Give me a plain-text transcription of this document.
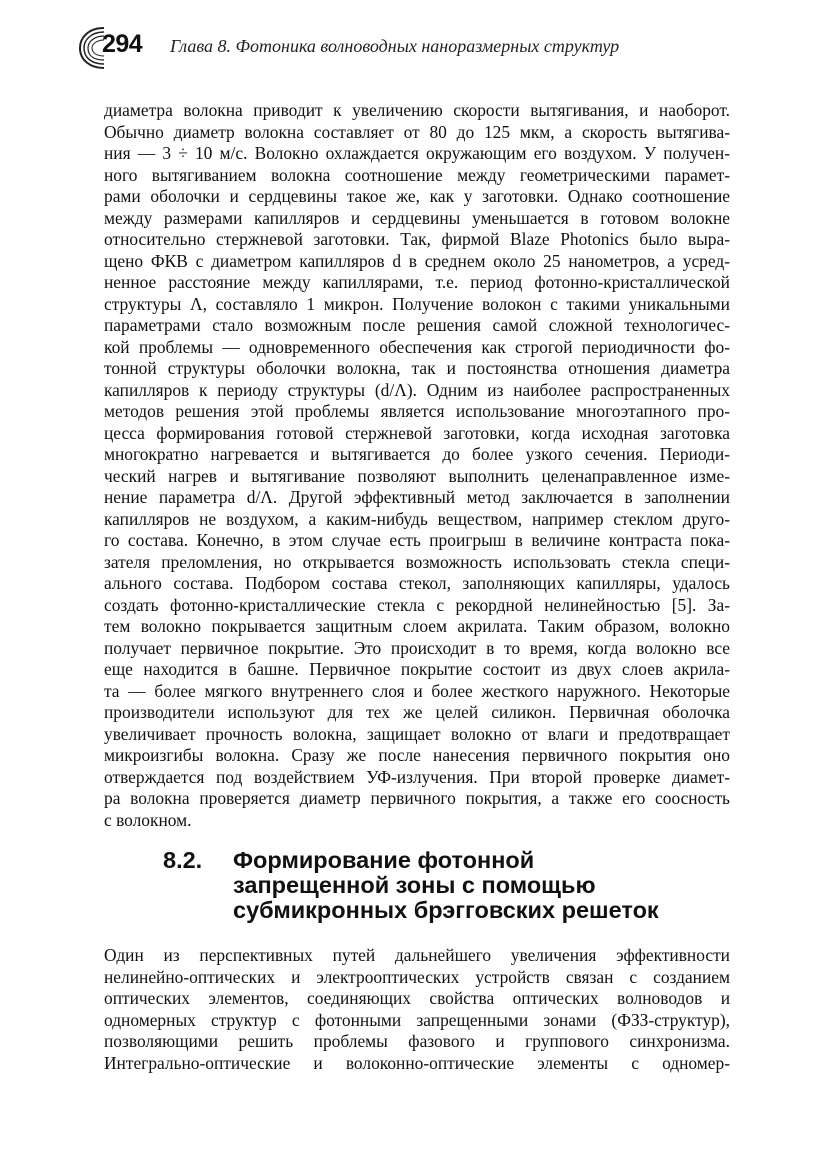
294 Глава 8. Фотоника волноводных наноразмерных структур
диаметра волокна приводит к увеличению скорости вытягивания, и наоборот.
Обычно диаметр волокна составляет от 80 до 125 мкм, а скорость вытягива-
ния — 3 ÷ 10 м/с. Волокно охлаждается окружающим его воздухом. У получен-
ного вытягиванием волокна соотношение между геометрическими парамет-
рами оболочки и сердцевины такое же, как у заготовки. Однако соотношение
между размерами капилляров и сердцевины уменьшается в готовом волокне
относительно стержневой заготовки. Так, фирмой Blaze Photonics было выра-
щено ФКВ с диаметром капилляров d в среднем около 25 нанометров, а усред-
ненное расстояние между капиллярами, т.е. период фотонно-кристаллической
структуры Λ, составляло 1 микрон. Получение волокон с такими уникальными
параметрами стало возможным после решения самой сложной технологичес-
кой проблемы — одновременного обеспечения как строгой периодичности фо-
тонной структуры оболочки волокна, так и постоянства отношения диаметра
капилляров к периоду структуры (d/Λ). Одним из наиболее распространенных
методов решения этой проблемы является использование многоэтапного про-
цесса формирования готовой стержневой заготовки, когда исходная заготовка
многократно нагревается и вытягивается до более узкого сечения. Периоди-
ческий нагрев и вытягивание позволяют выполнить целенаправленное изме-
нение параметра d/Λ. Другой эффективный метод заключается в заполнении
капилляров не воздухом, а каким-нибудь веществом, например стеклом друго-
го состава. Конечно, в этом случае есть проигрыш в величине контраста пока-
зателя преломления, но открывается возможность использовать стекла специ-
ального состава. Подбором состава стекол, заполняющих капилляры, удалось
создать фотонно-кристаллические стекла с рекордной нелинейностью [5]. За-
тем волокно покрывается защитным слоем акрилата. Таким образом, волокно
получает первичное покрытие. Это происходит в то время, когда волокно все
еще находится в башне. Первичное покрытие состоит из двух слоев акрила-
та — более мягкого внутреннего слоя и более жесткого наружного. Некоторые
производители используют для тех же целей силикон. Первичная оболочка
увеличивает прочность волокна, защищает волокно от влаги и предотвращает
микроизгибы волокна. Сразу же после нанесения первичного покрытия оно
отверждается под воздействием УФ-излучения. При второй проверке диамет-
ра волокна проверяется диаметр первичного покрытия, а также его соосность
с волокном.
8.2. Формирование фотонной
запрещенной зоны с помощью
субмикронных брэгговских решеток
Один из перспективных путей дальнейшего увеличения эффективности
нелинейно-оптических и электрооптических устройств связан с созданием
оптических элементов, соединяющих свойства оптических волноводов и
одномерных структур с фотонными запрещенными зонами (ФЗЗ-структур),
позволяющими решить проблемы фазового и группового синхронизма.
Интегрально-оптические и волоконно-оптические элементы с одномер-
